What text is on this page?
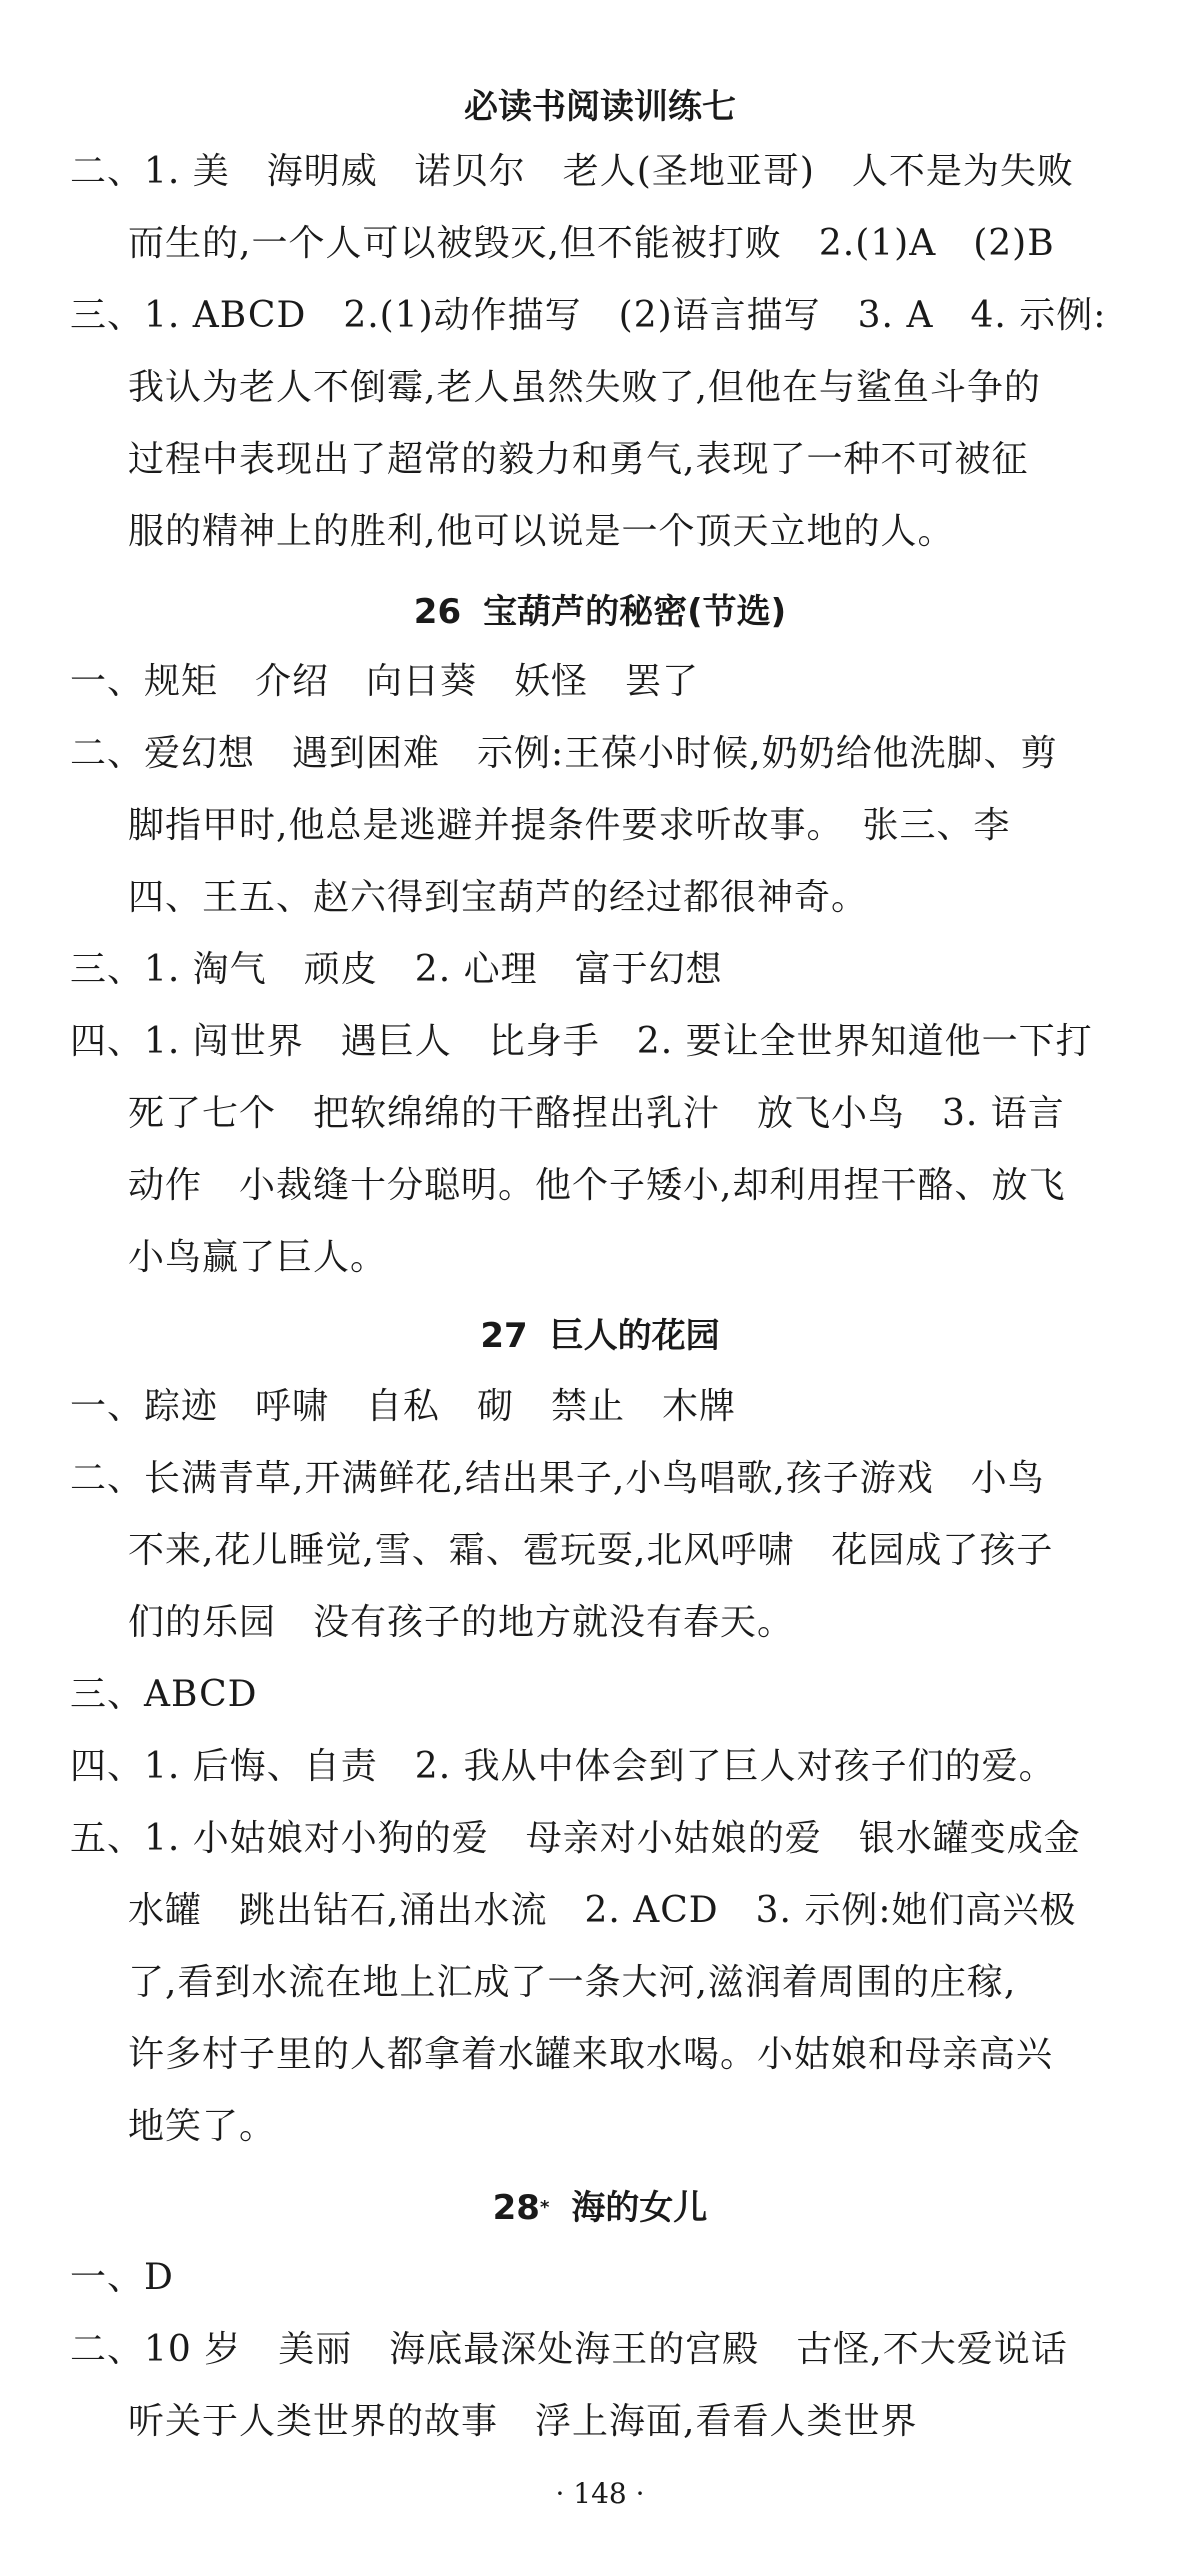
必读书阅读训练七
二、1. 美　海明威　诺贝尔　老人(圣地亚哥)　人不是为失败
而生的,一个人可以被毁灭,但不能被打败　2.(1)A　(2)B
三、1. ABCD　2.(1)动作描写　(2)语言描写　3. A　4. 示例:
我认为老人不倒霉,老人虽然失败了,但他在与鲨鱼斗争的
过程中表现出了超常的毅力和勇气,表现了一种不可被征
服的精神上的胜利,他可以说是一个顶天立地的人。
26 宝葫芦的秘密(节选)
一、规矩　介绍　向日葵　妖怪　罢了
二、爱幻想　遇到困难　示例:王葆小时候,奶奶给他洗脚、剪
脚指甲时,他总是逃避并提条件要求听故事。　张三、李
四、王五、赵六得到宝葫芦的经过都很神奇。
三、1. 淘气　顽皮　2. 心理　富于幻想
四、1. 闯世界　遇巨人　比身手　2. 要让全世界知道他一下打
死了七个　把软绵绵的干酪捏出乳汁　放飞小鸟　3. 语言
动作　小裁缝十分聪明。他个子矮小,却利用捏干酪、放飞
小鸟赢了巨人。
27 巨人的花园
一、踪迹　呼啸　自私　砌　禁止　木牌
二、长满青草,开满鲜花,结出果子,小鸟唱歌,孩子游戏　小鸟
不来,花儿睡觉,雪、霜、雹玩耍,北风呼啸　花园成了孩子
们的乐园　没有孩子的地方就没有春天。
三、ABCD
四、1. 后悔、自责　2. 我从中体会到了巨人对孩子们的爱。
五、1. 小姑娘对小狗的爱　母亲对小姑娘的爱　银水罐变成金
水罐　跳出钻石,涌出水流　2. ACD　3. 示例:她们高兴极
了,看到水流在地上汇成了一条大河,滋润着周围的庄稼,
许多村子里的人都拿着水罐来取水喝。小姑娘和母亲高兴
地笑了。
28* 海的女儿
一、D
二、10 岁　美丽　海底最深处海王的宫殿　古怪,不大爱说话
听关于人类世界的故事　浮上海面,看看人类世界
· 148 ·
